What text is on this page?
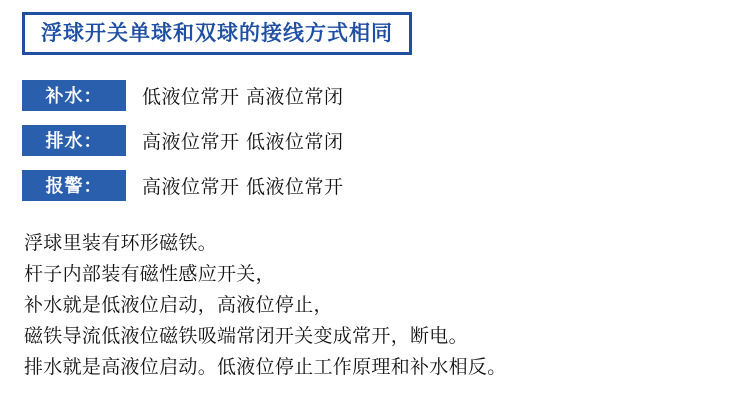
浮球开关单球和双球的接线方式相同
补水：	低液位常开 高液位常闭
排水：	高液位常开 低液位常闭
报警：	高液位常开 低液位常开
浮球里装有环形磁铁。
杆子内部装有磁性感应开关，
补水就是低液位启动，高液位停止，
磁铁导流低液位磁铁吸端常闭开关变成常开，断电。
排水就是高液位启动。低液位停止工作原理和补水相反。
